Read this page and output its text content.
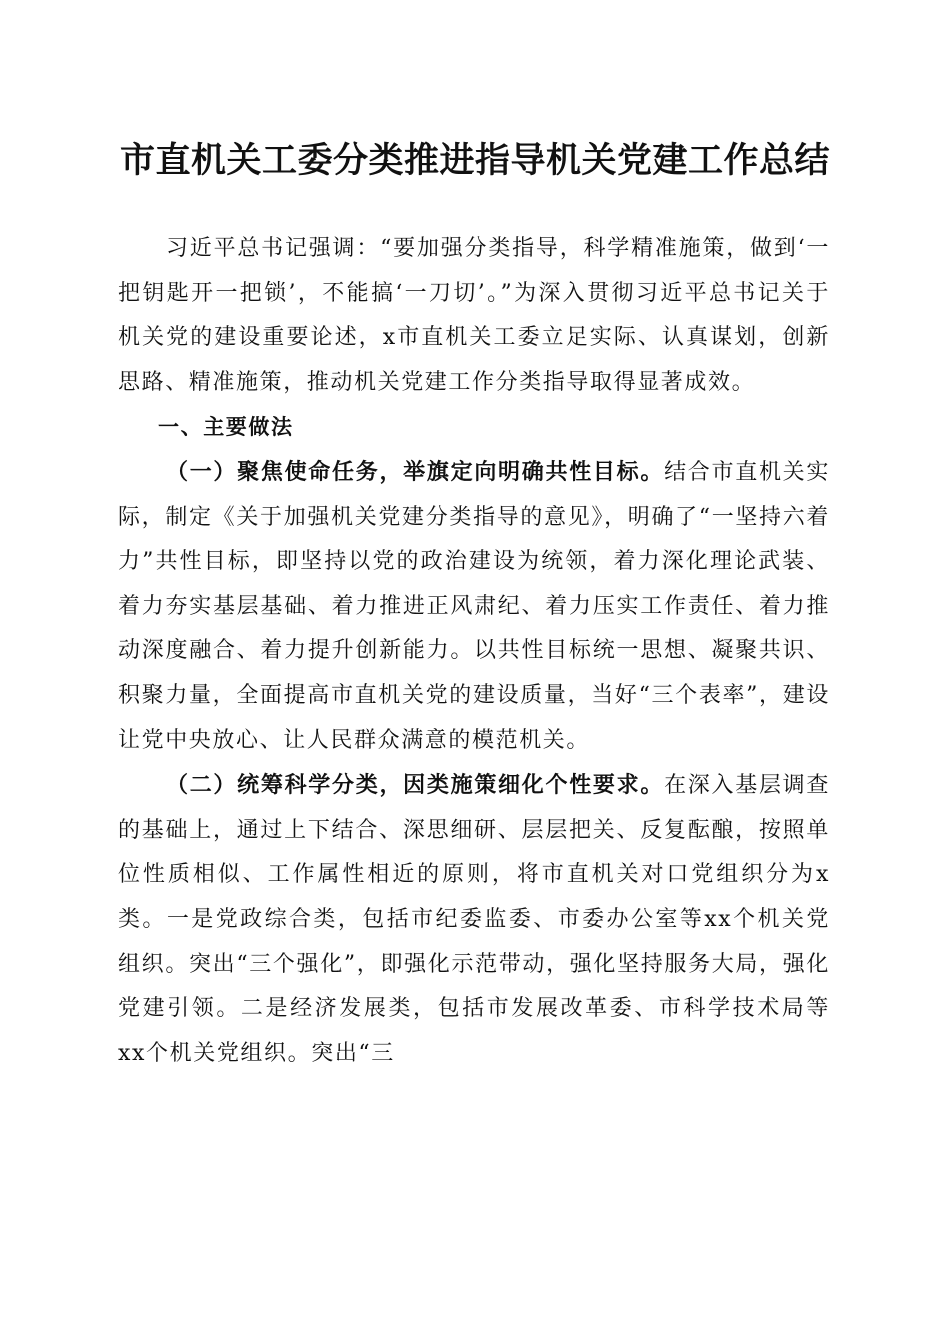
市直机关工委分类推进指导机关党建工作总结

习近平总书记强调：“要加强分类指导，科学精准施策，做到‘一把钥匙开一把锁’，不能搞‘一刀切’。”为深入贯彻习近平总书记关于机关党的建设重要论述，x市直机关工委立足实际、认真谋划，创新思路、精准施策，推动机关党建工作分类指导取得显著成效。

一、主要做法

（一）聚焦使命任务，举旗定向明确共性目标。结合市直机关实际，制定《关于加强机关党建分类指导的意见》，明确了“一坚持六着力”共性目标，即坚持以党的政治建设为统领，着力深化理论武装、着力夯实基层基础、着力推进正风肃纪、着力压实工作责任、着力推动深度融合、着力提升创新能力。以共性目标统一思想、凝聚共识、积聚力量，全面提高市直机关党的建设质量，当好“三个表率”，建设让党中央放心、让人民群众满意的模范机关。

（二）统筹科学分类，因类施策细化个性要求。在深入基层调查的基础上，通过上下结合、深思细研、层层把关、反复酝酿，按照单位性质相似、工作属性相近的原则，将市直机关对口党组织分为x类。一是党政综合类，包括市纪委监委、市委办公室等xx个机关党组织。突出“三个强化”，即强化示范带动，强化坚持服务大局，强化党建引领。二是经济发展类，包括市发展改革委、市科学技术局等xx个机关党组织。突出“三
